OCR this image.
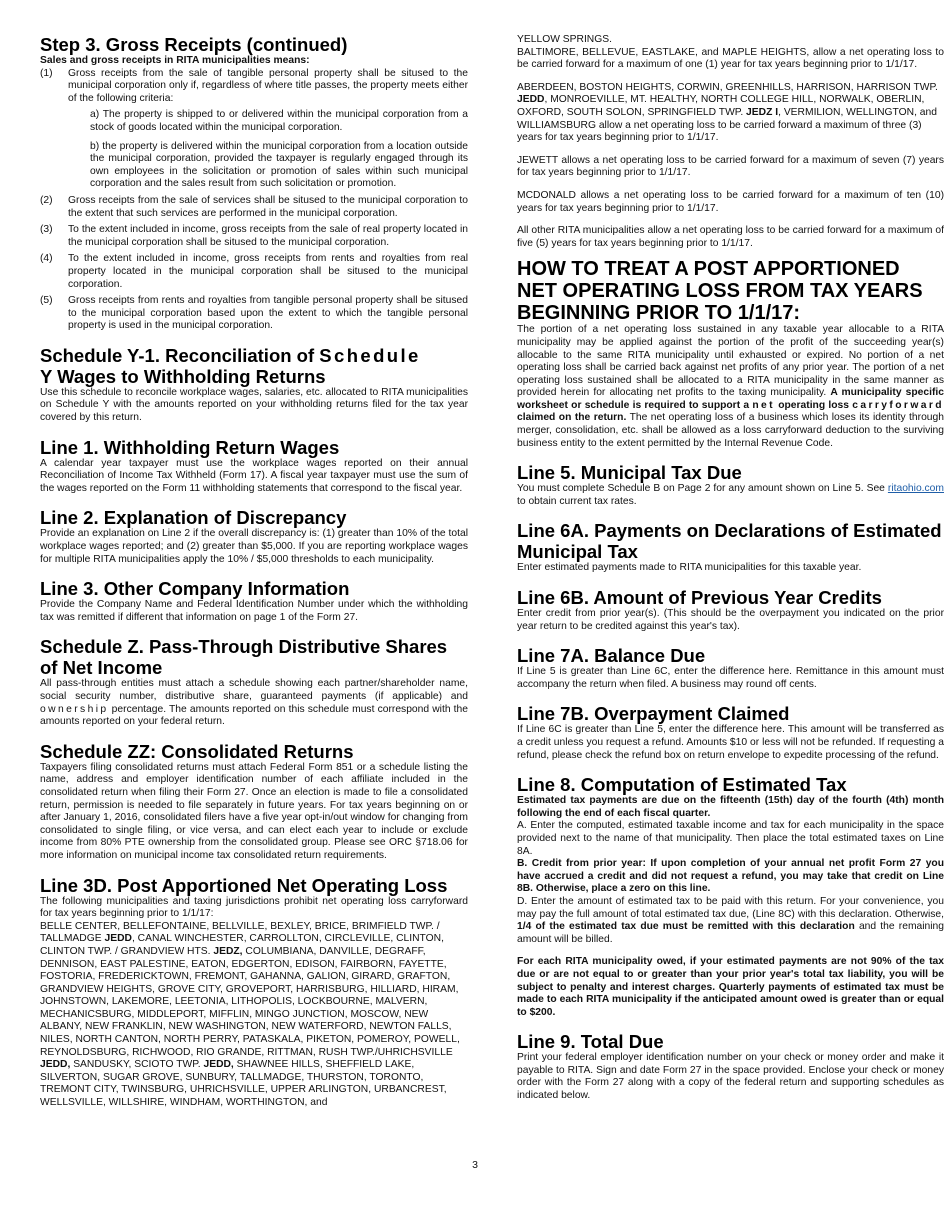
Step 3. Gross Receipts (continued)
Sales and gross receipts in RITA municipalities means:
(1)	Gross receipts from the sale of tangible personal property shall be sitused to the municipal corporation only if, regardless of where title passes, the property meets either of the following criteria:
a) The property is shipped to or delivered within the municipal corporation from a stock of goods located within the municipal corporation.
b) the property is delivered within the municipal corporation from a location outside the municipal corporation, provided the taxpayer is regularly engaged through its own employees in the solicitation or promotion of sales within such municipal corporation and the sales result from such solicitation or promotion.
(2)	Gross receipts from the sale of services shall be sitused to the municipal corporation to the extent that such services are performed in the municipal corporation.
(3)	To the extent included in income, gross receipts from the sale of real property located in the municipal corporation shall be sitused to the municipal corporation.
(4)	To the extent included in income, gross receipts from rents and royalties from real property located in the municipal corporation shall be sitused to the municipal corporation.
(5)	Gross receipts from rents and royalties from tangible personal property shall be sitused to the municipal corporation based upon the extent to which the tangible personal property is used in the municipal corporation.
Schedule Y-1. Reconciliation of Schedule
Y Wages to Withholding Returns

Use this schedule to reconcile workplace wages, salaries, etc. allocated to RITA municipalities on Schedule Y with the amounts reported on your withholding returns filed for the tax year covered by this return.

Line 1. Withholding Return Wages

A calendar year taxpayer must use the workplace wages reported on their annual Reconciliation of Income Tax Withheld (Form 17). A fiscal year taxpayer must use the sum of the wages reported on the Form 11 withholding statements that correspond to the fiscal year.

Line 2. Explanation of Discrepancy

Provide an explanation on Line 2 if the overall discrepancy is: (1) greater than 10% of the total workplace wages reported; and (2) greater than $5,000. If you are reporting workplace wages for multiple RITA municipalities apply the 10% / $5,000 thresholds to each municipality.

Line 3. Other Company Information

Provide the Company Name and Federal Identification Number under which the withholding tax was remitted if different that information on page 1 of the Form 27.

Schedule Z. Pass-Through Distributive Shares of Net Income

All pass-through entities must attach a schedule showing each partner/shareholder name, social security number, distributive share, guaranteed payments (if applicable) and ownership percentage. The amounts reported on this schedule must correspond with the amounts reported on your federal return.

Schedule ZZ: Consolidated Returns

Taxpayers filing consolidated returns must attach Federal Form 851 or a schedule listing the name, address and employer identification number of each affiliate included in the consolidated return when filing their Form 27. Once an election is made to file a consolidated return, permission is needed to file separately in future years. For tax years beginning on or after January 1, 2016, consolidated filers have a five year opt-in/out window for changing from consolidated to single filing, or vice versa, and can elect each year to include or exclude income from 80% PTE ownership from the consolidated group. Please see ORC §718.06 for more information on municipal income tax consolidated return requirements.

Line 3D. Post Apportioned Net Operating Loss

The following municipalities and taxing jurisdictions prohibit net operating loss carryforward for tax years beginning prior to 1/1/17:

BELLE CENTER, BELLEFONTAINE, BELLVILLE, BEXLEY, BRICE, BRIMFIELD TWP. / TALLMADGE JEDD, CANAL WINCHESTER, CARROLLTON, CIRCLEVILLE, CLINTON, CLINTON TWP. / GRANDVIEW HTS. JEDZ, COLUMBIANA, DANVILLE, DEGRAFF, DENNISON, EAST PALESTINE, EATON, EDGERTON, EDISON, FAIRBORN, FAYETTE, FOSTORIA, FREDERICKTOWN, FREMONT, GAHANNA, GALION, GIRARD, GRAFTON, GRANDVIEW HEIGHTS, GROVE CITY, GROVEPORT, HARRISBURG, HILLIARD, HIRAM, JOHNSTOWN, LAKEMORE, LEETONIA, LITHOPOLIS, LOCKBOURNE, MALVERN, MECHANICSBURG, MIDDLEPORT, MIFFLIN, MINGO JUNCTION, MOSCOW, NEW ALBANY, NEW FRANKLIN, NEW WASHINGTON, NEW WATERFORD, NEWTON FALLS, NILES, NORTH CANTON, NORTH PERRY, PATASKALA, PIKETON, POMEROY, POWELL, REYNOLDSBURG, RICHWOOD, RIO GRANDE, RITTMAN, RUSH TWP./UHRICHSVILLE JEDD, SANDUSKY, SCIOTO TWP. JEDD, SHAWNEE HILLS, SHEFFIELD LAKE, SILVERTON, SUGAR GROVE, SUNBURY, TALLMADGE, THURSTON, TORONTO, TREMONT CITY, TWINSBURG, UHRICHSVILLE, UPPER ARLINGTON, URBANCREST, WELLSVILLE, WILLSHIRE, WINDHAM, WORTHINGTON, and

YELLOW SPRINGS.

BALTIMORE, BELLEVUE, EASTLAKE, and MAPLE HEIGHTS, allow a net operating loss to be carried forward for a maximum of one (1) year for tax years beginning prior to 1/1/17.

ABERDEEN, BOSTON HEIGHTS, CORWIN, GREENHILLS, HARRISON, HARRISON TWP. JEDD, MONROEVILLE, MT. HEALTHY, NORTH COLLEGE HILL, NORWALK, OBERLIN, OXFORD, SOUTH SOLON, SPRINGFIELD TWP. JEDZ I, VERMILION, WELLINGTON, and WILLIAMSBURG allow a net operating loss to be carried forward a maximum of three (3) years for tax years beginning prior to 1/1/17.

JEWETT allows a net operating loss to be carried forward for a maximum of seven (7) years for tax years beginning prior to 1/1/17.

MCDONALD allows a net operating loss to be carried forward for a maximum of ten (10) years for tax years beginning prior to 1/1/17.

All other RITA municipalities allow a net operating loss to be carried forward for a maximum of five (5) years for tax years beginning prior to 1/1/17.

HOW TO TREAT A POST APPORTIONED NET OPERATING LOSS FROM TAX YEARS BEGINNING PRIOR TO 1/1/17:

The portion of a net operating loss sustained in any taxable year allocable to a RITA municipality may be applied against the portion of the profit of the succeeding year(s) allocable to the same RITA municipality until exhausted or expired. No portion of a net operating loss shall be carried back against net profits of any prior year. The portion of a net operating loss sustained shall be allocated to a RITA municipality in the same manner as provided herein for allocating net profits to the taxing municipality. A municipality specific worksheet or schedule is required to support a net operating loss carryforward claimed on the return. The net operating loss of a business which loses its identity through merger, consolidation, etc. shall be allowed as a loss carryforward deduction to the surviving business entity to the extent permitted by the Internal Revenue Code.

Line 5. Municipal Tax Due

You must complete Schedule B on Page 2 for any amount shown on Line 5. See ritaohio.com to obtain current tax rates.

Line 6A. Payments on Declarations of Estimated Municipal Tax

Enter estimated payments made to RITA municipalities for this taxable year.

Line 6B. Amount of Previous Year Credits

Enter credit from prior year(s). (This should be the overpayment you indicated on the prior year return to be credited against this year's tax).

Line 7A. Balance Due

If Line 5 is greater than Line 6C, enter the difference here. Remittance in this amount must accompany the return when filed. A business may round off cents.

Line 7B. Overpayment Claimed

If Line 6C is greater than Line 5, enter the difference here. This amount will be transferred as a credit unless you request a refund. Amounts $10 or less will not be refunded. If requesting a refund, please check the refund box on return envelope to expedite processing of the refund.

Line 8. Computation of Estimated Tax

Estimated tax payments are due on the fifteenth (15th) day of the fourth (4th) month following the end of each fiscal quarter.

A. Enter the computed, estimated taxable income and tax for each municipality in the space provided next to the name of that municipality. Then place the total estimated taxes on Line 8A.

B. Credit from prior year: If upon completion of your annual net profit Form 27 you have accrued a credit and did not request a refund, you may take that credit on Line 8B. Otherwise, place a zero on this line.

D. Enter the amount of estimated tax to be paid with this return. For your convenience, you may pay the full amount of total estimated tax due, (Line 8C) with this declaration. Otherwise, 1/4 of the estimated tax due must be remitted with this declaration and the remaining amount will be billed.

For each RITA municipality owed, if your estimated payments are not 90% of the tax due or are not equal to or greater than your prior year's total tax liability, you will be subject to penalty and interest charges. Quarterly payments of estimated tax must be made to each RITA municipality if the anticipated amount owed is greater than or equal to $200.

Line 9. Total Due

Print your federal employer identification number on your check or money order and make it payable to RITA. Sign and date Form 27 in the space provided. Enclose your check or money order with the Form 27 along with a copy of the federal return and supporting schedules as indicated below.

3
